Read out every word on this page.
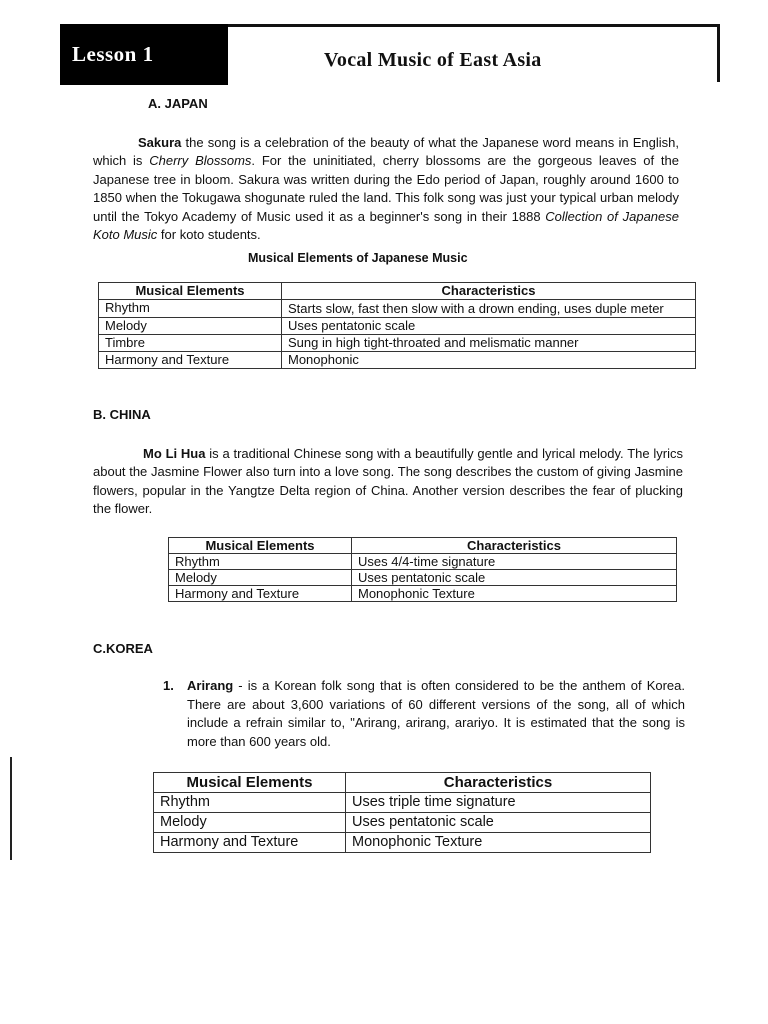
Lesson 1	Vocal Music of East Asia
A. JAPAN

Sakura the song is a celebration of the beauty of what the Japanese word means in English, which is Cherry Blossoms. For the uninitiated, cherry blossoms are the gorgeous leaves of the Japanese tree in bloom. Sakura was written during the Edo period of Japan, roughly around 1600 to 1850 when the Tokugawa shogunate ruled the land. This folk song was just your typical urban melody until the Tokyo Academy of Music used it as a beginner's song in their 1888 Collection of Japanese Koto Music for koto students.

Musical Elements of Japanese Music
Musical Elements	Characteristics
Rhythm	Starts slow, fast then slow with a drown ending, uses duple meter
Melody	Uses pentatonic scale
Timbre	Sung in high tight-throated and melismatic manner
Harmony and Texture	Monophonic
B. CHINA

Mo Li Hua is a traditional Chinese song with a beautifully gentle and lyrical melody. The lyrics about the Jasmine Flower also turn into a love song. The song describes the custom of giving Jasmine flowers, popular in the Yangtze Delta region of China. Another version describes the fear of plucking the flower.

Musical Elements	Characteristics
Rhythm	Uses 4/4-time signature
Melody	Uses pentatonic scale
Harmony and Texture	Monophonic Texture
C.KOREA
1. Arirang - is a Korean folk song that is often considered to be the anthem of Korea. There are about 3,600 variations of 60 different versions of the song, all of which include a refrain similar to, "Arirang, arirang, arariyo. It is estimated that the song is more than 600 years old.
Musical Elements	Characteristics
Rhythm	Uses triple time signature
Melody	Uses pentatonic scale
Harmony and Texture	Monophonic Texture
